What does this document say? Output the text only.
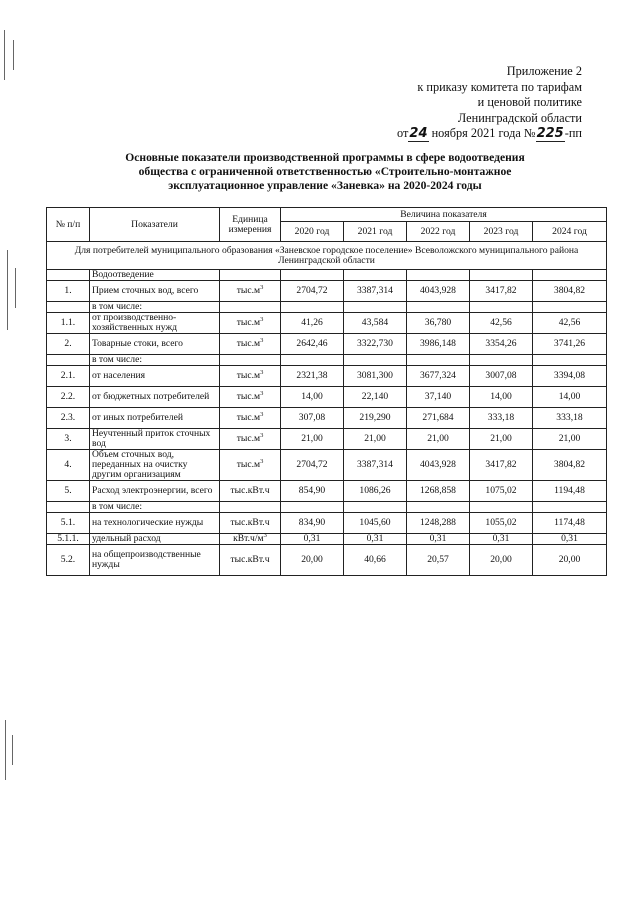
Приложение 2
к приказу комитета по тарифам
и ценовой политике
Ленинградской области
от24 ноября 2021 года №225-пп
Основные показатели производственной программы в сфере водоотведения
общества с ограниченной ответственностью «Строительно-монтажное
эксплуатационное управление «Заневка» на 2020-2024 годы
№ п/п	Показатели	Единица измерения	Величина показателя				
			2020 год	2021 год	2022 год	2023 год	2024 год
Для потребителей муниципального образования «Заневское городское поселение» Всеволожского муниципального района Ленинградской области							
	Водоотведение						
1.	Прием сточных вод, всего	$тыс.м^3$	2704,72	3387,314	4043,928	3417,82	3804,82
	в том числе:						
1.1.	от производственно-хозяйственных нужд	$тыс.м^3$	41,26	43,584	36,780	42,56	42,56
2.	Товарные стоки, всего	$тыс.м^3$	2642,46	3322,730	3986,148	3354,26	3741,26
	в том числе:						
2.1.	от населения	$тыс.м^3$	2321,38	3081,300	3677,324	3007,08	3394,08
2.2.	от бюджетных потребителей	$тыс.м^3$	14,00	22,140	37,140	14,00	14,00
2.3.	от иных потребителей	$тыс.м^3$	307,08	219,290	271,684	333,18	333,18
3.	Неучтенный приток сточных вод	$тыс.м^3$	21,00	21,00	21,00	21,00	21,00
4.	Объем сточных вод, переданных на очистку другим организациям	$тыс.м^3$	2704,72	3387,314	4043,928	3417,82	3804,82
5.	Расход электроэнергии, всего	тыс.кВт.ч	854,90	1086,26	1268,858	1075,02	1194,48
	в том числе:						
5.1.	на технологические нужды	тыс.кВт.ч	834,90	1045,60	1248,288	1055,02	1174,48
5.1.1.	удельный расход	$кВт.ч/м^3$	0,31	0,31	0,31	0,31	0,31
5.2.	на общепроизводственные нужды	тыс.кВт.ч	20,00	40,66	20,57	20,00	20,00
